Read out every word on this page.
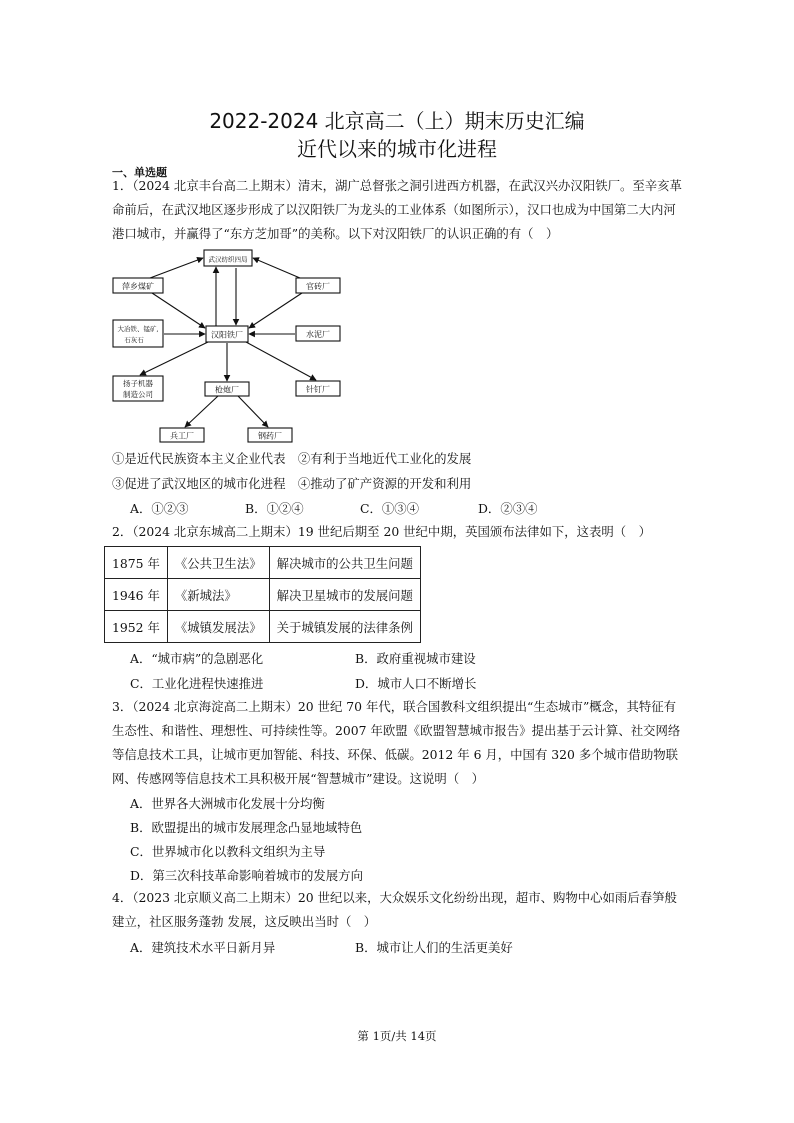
2022-2024 北京高二（上）期末历史汇编
近代以来的城市化进程
一、单选题
1．（2024 北京丰台高二上期末）清末，湖广总督张之洞引进西方机器，在武汉兴办汉阳铁厂。至辛亥革命前后，在武汉地区逐步形成了以汉阳铁厂为龙头的工业体系（如图所示），汉口也成为中国第二大内河港口城市，并赢得了“东方芝加哥”的美称。以下对汉阳铁厂的认识正确的有（　）
武汉纺织四局
汉阳铁厂
萍乡煤矿
大冶铁、锰矿,
石灰石
官砖厂
水泥厂
扬子机器
制造公司	枪炮厂	针钉厂
兵工厂	钢药厂
①是近代民族资本主义企业代表　②有利于当地近代工业化的发展
③促进了武汉地区的城市化进程　④推动了矿产资源的开发和利用
A．①②③	B．①②④	C．①③④	D．②③④
2．（2024 北京东城高二上期末）19 世纪后期至 20 世纪中期，英国颁布法律如下，这表明（　）
1875 年	《公共卫生法》	解决城市的公共卫生问题
1946 年	《新城法》	解决卫星城市的发展问题
1952 年	《城镇发展法》	关于城镇发展的法律条例
A．“城市病”的急剧恶化	B．政府重视城市建设
C．工业化进程快速推进	D．城市人口不断增长
3．（2024 北京海淀高二上期末）20 世纪 70 年代，联合国教科文组织提出“生态城市”概念，其特征有生态性、和谐性、理想性、可持续性等。2007 年欧盟《欧盟智慧城市报告》提出基于云计算、社交网络等信息技术工具，让城市更加智能、科技、环保、低碳。2012 年 6 月，中国有 320 多个城市借助物联网、传感网等信息技术工具积极开展“智慧城市”建设。这说明（　）
A．世界各大洲城市化发展十分均衡
B．欧盟提出的城市发展理念凸显地域特色
C．世界城市化以教科文组织为主导
D．第三次科技革命影响着城市的发展方向
4．（2023 北京顺义高二上期末）20 世纪以来，大众娱乐文化纷纷出现，超市、购物中心如雨后春笋般建立，社区服务蓬勃 发展，这反映出当时（　）
A．建筑技术水平日新月异	B．城市让人们的生活更美好
第 1页/共 14页
